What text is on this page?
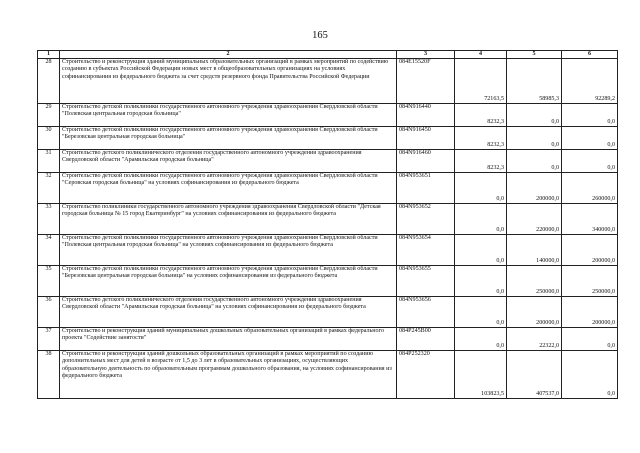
165
1	2	3	4	5	6
28	Строительство и реконструкция зданий муниципальных образовательных организаций в рамках мероприятий по содействию созданию в субъектах Российской Федерации новых мест в общеобразовательных организациях на условиях софинансирования из федерального бюджета за счет средств резервного фонда Правительства Российской Федерации	084E15520F	72163,5	58985,3	92289,2
29	Строительство детской поликлиники государственного автономного учреждения здравоохранения Свердловской области "Полевская центральная городская больница"	084N916440	8232,3	0,0	0,0
30	Строительство детской поликлиники государственного автономного учреждения здравоохранения Свердловской области "Березовская центральная городская больница"	084N916450	8232,3	0,0	0,0
31	Строительство детского поликлинического отделения государственного автономного учреждения здравоохранения Свердловской области "Арамильская городская больница"	084N916460	8232,3	0,0	0,0
32	Строительство детской поликлиники государственного автономного учреждения здравоохранения Свердловской области "Серовская городская больница" на условиях софинансирования из федерального бюджета	084N953651	0,0	200000,0	260000,0
33	Строительство поликлиники государственного автономного учреждения здравоохранения Свердловской области "Детская городская больница № 15 город Екатеринбург" на условиях софинансирования из федерального бюджета	084N953652	0,0	220000,0	340000,0
34	Строительство детской поликлиники государственного автономного учреждения здравоохранения Свердловской области "Полевская центральная городская больница" на условиях софинансирования из федерального бюджета	084N953654	0,0	140000,0	200000,0
35	Строительство детской поликлиники государственного автономного учреждения здравоохранения Свердловской области "Березовская центральная городская больница" на условиях софинансирования из федерального бюджета	084N953655	0,0	250000,0	250000,0
36	Строительство детского поликлинического отделения государственного автономного учреждения здравоохранения Свердловской области "Арамильская городская больница" на условиях софинансирования из федерального бюджета	084N953656	0,0	200000,0	200000,0
37	Строительство и реконструкция зданий муниципальных дошкольных образовательных организаций в рамках федерального проекта "Содействие занятости"	084P245B00	0,0	22322,0	0,0
38	Строительство и реконструкция зданий дошкольных образовательных организаций в рамках мероприятий по созданию дополнительных мест для детей в возрасте от 1,5 до 3 лет в образовательных организациях, осуществляющих образовательную деятельность по образовательным программам дошкольного образования, на условиях софинансирования из федерального бюджета	084P252320	103823,5	407537,0	0,0
